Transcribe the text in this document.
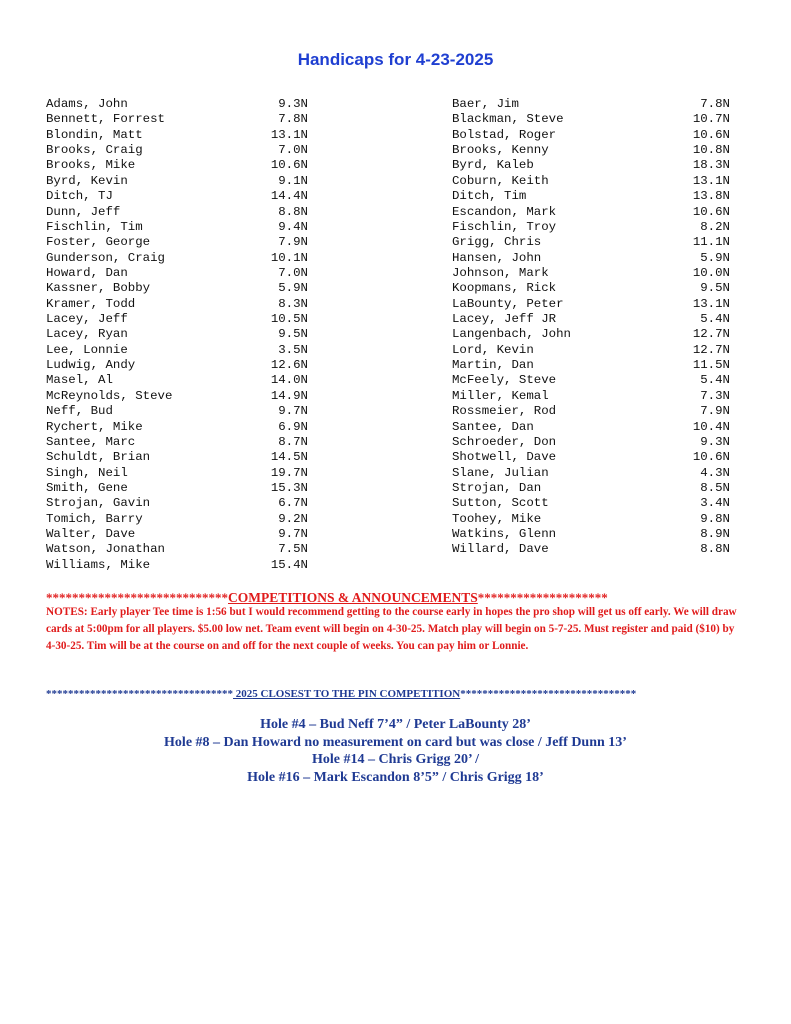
Handicaps for 4-23-2025
Adams, John	9.3N
Bennett, Forrest	7.8N
Blondin, Matt	13.1N
Brooks, Craig	7.0N
Brooks, Mike	10.6N
Byrd, Kevin	9.1N
Ditch, TJ	14.4N
Dunn, Jeff	8.8N
Fischlin, Tim	9.4N
Foster, George	7.9N
Gunderson, Craig	10.1N
Howard, Dan	7.0N
Kassner, Bobby	5.9N
Kramer, Todd	8.3N
Lacey, Jeff	10.5N
Lacey, Ryan	9.5N
Lee, Lonnie	3.5N
Ludwig, Andy	12.6N
Masel, Al	14.0N
McReynolds, Steve	14.9N
Neff, Bud	9.7N
Rychert, Mike	6.9N
Santee, Marc	8.7N
Schuldt, Brian	14.5N
Singh, Neil	19.7N
Smith, Gene	15.3N
Strojan, Gavin	6.7N
Tomich, Barry	9.2N
Walter, Dave	9.7N
Watson, Jonathan	7.5N
Williams, Mike	15.4N
Baer, Jim	7.8N
Blackman, Steve	10.7N
Bolstad, Roger	10.6N
Brooks, Kenny	10.8N
Byrd, Kaleb	18.3N
Coburn, Keith	13.1N
Ditch, Tim	13.8N
Escandon, Mark	10.6N
Fischlin, Troy	8.2N
Grigg, Chris	11.1N
Hansen, John	5.9N
Johnson, Mark	10.0N
Koopmans, Rick	9.5N
LaBounty, Peter	13.1N
Lacey, Jeff JR	5.4N
Langenbach, John	12.7N
Lord, Kevin	12.7N
Martin, Dan	11.5N
McFeely, Steve	5.4N
Miller, Kemal	7.3N
Rossmeier, Rod	7.9N
Santee, Dan	10.4N
Schroeder, Don	9.3N
Shotwell, Dave	10.6N
Slane, Julian	4.3N
Strojan, Dan	8.5N
Sutton, Scott	3.4N
Toohey, Mike	9.8N
Watkins, Glenn	8.9N
Willard, Dave	8.8N
****************************COMPETITIONS & ANNOUNCEMENTS********************
NOTES: Early player Tee time is 1:56 but I would recommend getting to the course early in hopes the pro shop will get us off early. We will draw cards at 5:00pm for all players. $5.00 low net. Team event will begin on 4-30-25. Match play will begin on 5-7-25. Must register and paid ($10) by 4-30-25. Tim will be at the course on and off for the next couple of weeks. You can pay him or Lonnie.
********************************** 2025 CLOSEST TO THE PIN COMPETITION********************************
Hole #4 – Bud Neff 7’4” / Peter LaBounty 28’
Hole #8 – Dan Howard no measurement on card but was close / Jeff Dunn 13’
Hole #14 – Chris Grigg 20’ /
Hole #16 – Mark Escandon 8’5” / Chris Grigg 18’
